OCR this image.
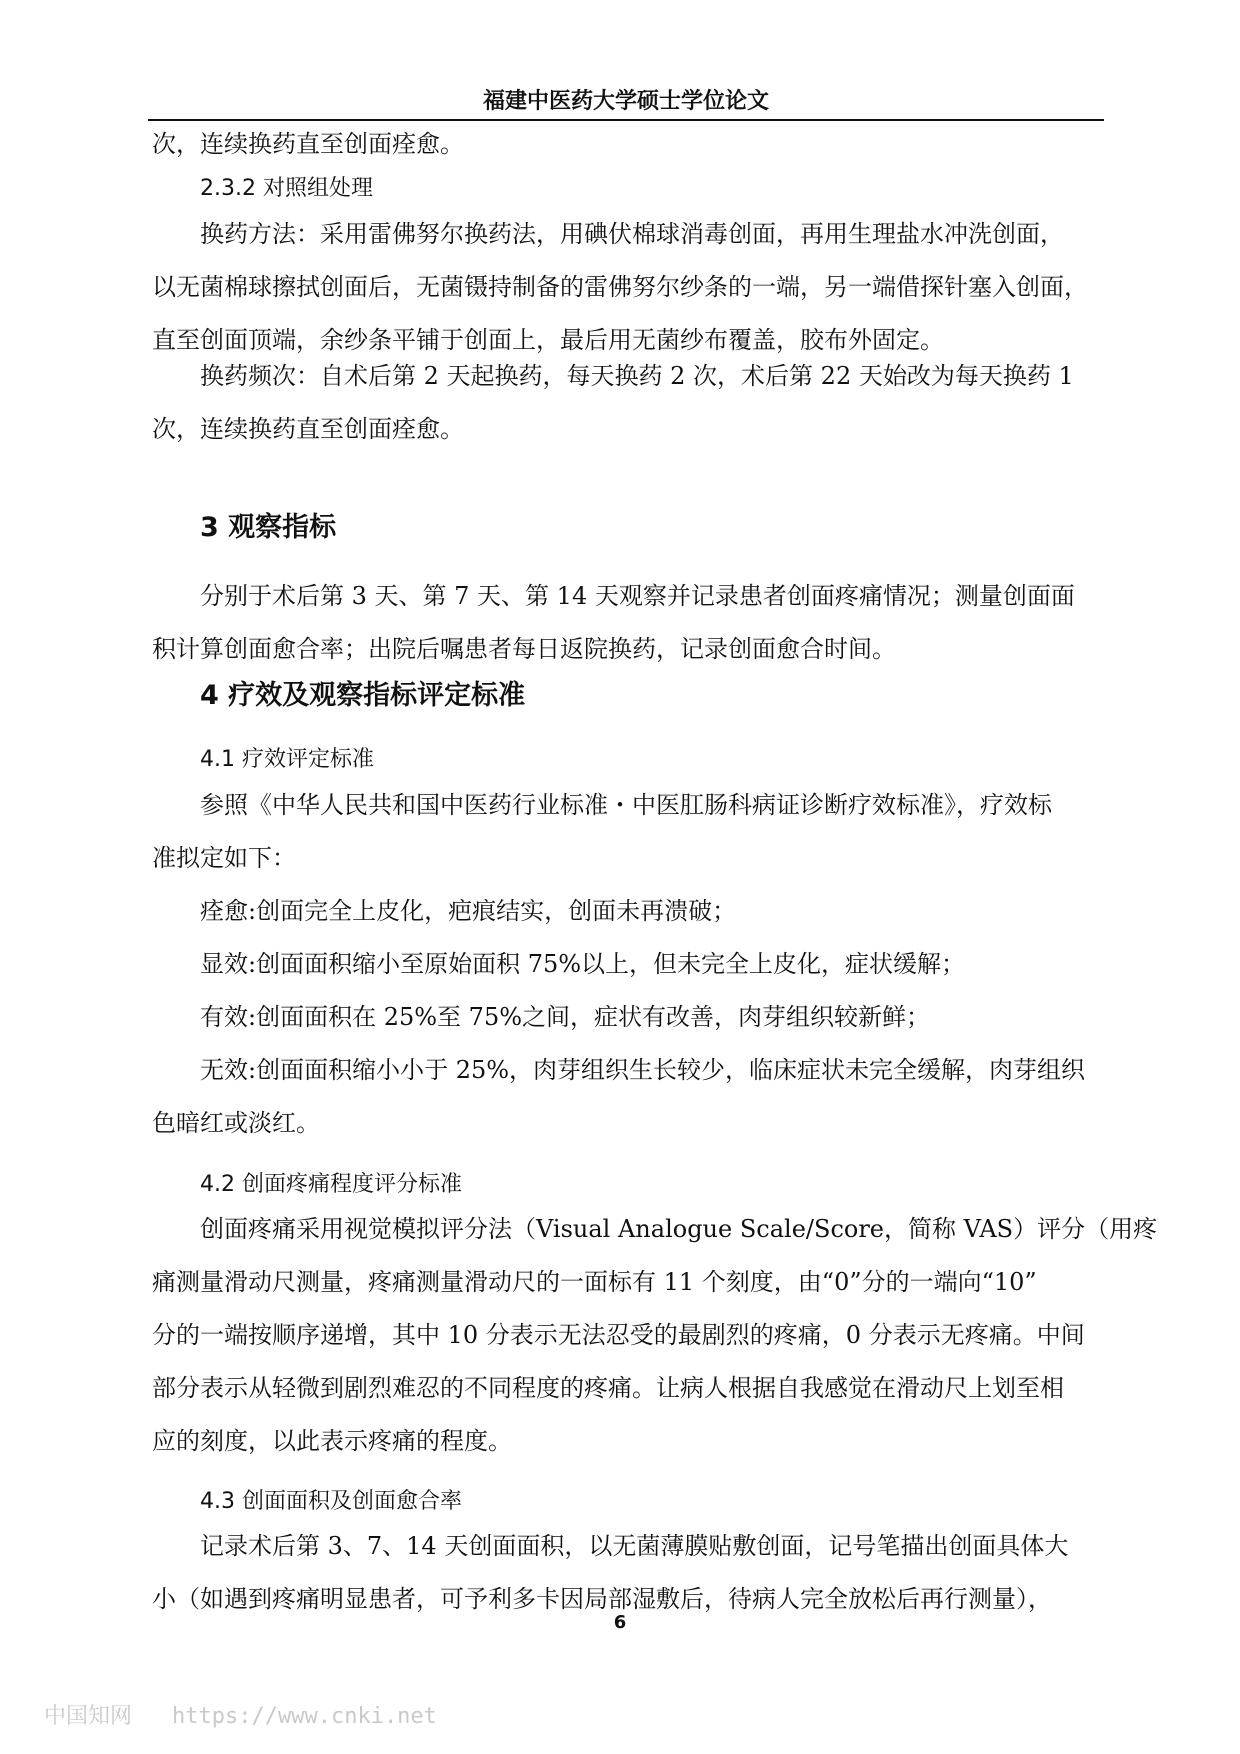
福建中医药大学硕士学位论文

次，连续换药直至创面痊愈。

2.3.2 对照组处理

换药方法：采用雷佛努尔换药法，用碘伏棉球消毒创面，再用生理盐水冲洗创面，
以无菌棉球擦拭创面后，无菌镊持制备的雷佛努尔纱条的一端，另一端借探针塞入创面，
直至创面顶端，余纱条平铺于创面上，最后用无菌纱布覆盖，胶布外固定。

换药频次：自术后第 2 天起换药，每天换药 2 次，术后第 22 天始改为每天换药 1
次，连续换药直至创面痊愈。

3 观察指标

分别于术后第 3 天、第 7 天、第 14 天观察并记录患者创面疼痛情况；测量创面面
积计算创面愈合率；出院后嘱患者每日返院换药，记录创面愈合时间。

4 疗效及观察指标评定标准
4.1 疗效评定标准

参照《中华人民共和国中医药行业标准・中医肛肠科病证诊断疗效标准》，疗效标
准拟定如下：

痊愈:创面完全上皮化，疤痕结实，创面未再溃破；

显效:创面面积缩小至原始面积 75%以上，但未完全上皮化，症状缓解；

有效:创面面积在 25%至 75%之间，症状有改善，肉芽组织较新鲜；

无效:创面面积缩小小于 25%，肉芽组织生长较少，临床症状未完全缓解，肉芽组织
色暗红或淡红。

4.2 创面疼痛程度评分标准

创面疼痛采用视觉模拟评分法（Visual Analogue Scale/Score，简称 VAS）评分（用疼
痛测量滑动尺测量，疼痛测量滑动尺的一面标有 11 个刻度，由“0”分的一端向“10”
分的一端按顺序递增，其中 10 分表示无法忍受的最剧烈的疼痛，0 分表示无疼痛。中间
部分表示从轻微到剧烈难忍的不同程度的疼痛。让病人根据自我感觉在滑动尺上划至相
应的刻度，以此表示疼痛的程度。

4.3 创面面积及创面愈合率

记录术后第 3、7、14 天创面面积，以无菌薄膜贴敷创面，记号笔描出创面具体大
小（如遇到疼痛明显患者，可予利多卡因局部湿敷后，待病人完全放松后再行测量），

6
中国知网 https://www.cnki.net
